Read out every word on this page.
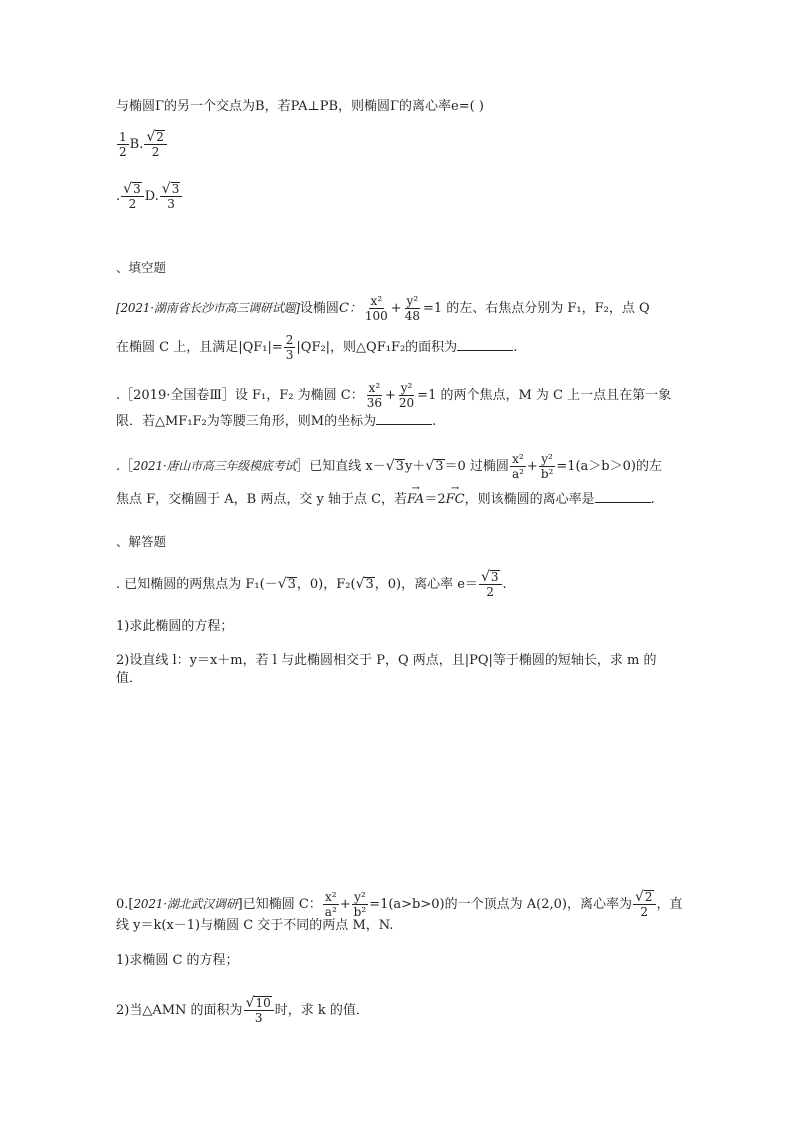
与椭圆Γ的另一个交点为B，若PA⊥PB，则椭圆Γ的离心率e=( )
$\frac{1}{2} B$. $\frac{√ 2}{2}$
. $\frac{√ 3}{2} D$. $\frac{√ 3}{3}$
、填空题
[2021·湖南省长沙市高三调研试题]设椭圆C： $\frac{\text{x²}}{100} + \frac{\text{y²}}{48} =1$ 的左、右焦点分别为 F₁，F₂，点 Q
在椭圆 C 上，且满足$|QF_1|= \frac{2}{3} |QF_2|$，则△QF₁F₂的面积为	.
.［2019·全国卷Ⅲ］设 F₁，F₂ 为椭圆 C： $\frac{\text{x²}}{36} + \frac{\text{y²}}{20} =1$ 的两个焦点，M 为 C 上一点且在第一象
限．若△MF₁F₂为等腰三角形，则M的坐标为	.
.［2021·唐山市高三年级模底考试］已知直线 x－ √ 3 y＋ √ 3 ＝0 过椭圆 $\frac{\text{x²}}{\text{a²}} + \frac{\text{y²}}{\text{b²}} =1(a>b>0)$的左
焦点 F，交椭圆于 A，B 两点，交 y 轴于点 C，若→ FA＝2→ FC，则该椭圆的离心率是	.
、解答题
. 已知椭圆的两焦点为 F₁(－ √ 3 ，0)，F₂( √ 3 ，0)，离心率 $e= \frac{√ 3}{2}$ .
1)求此椭圆的方程；
2)设直线 l：y＝x＋m，若 l 与此椭圆相交于 P，Q 两点，且|PQ|等于椭圆的短轴长，求 m 的
值．
0.[2021·湖北武汉调研]已知椭圆 C： $\frac{\text{x²}}{\text{a²}} + \frac{\text{y²}}{\text{b²}} =1(a>b>0)$的一个顶点为 A(2,0)，离心率为 $\frac{√ 2}{2}$ ，直
线 y＝k(x－1)与椭圆 C 交于不同的两点 M，N.
1)求椭圆 C 的方程；
2)当△AMN 的面积为 $\frac{√ 10}{3}$ 时，求 k 的值．
